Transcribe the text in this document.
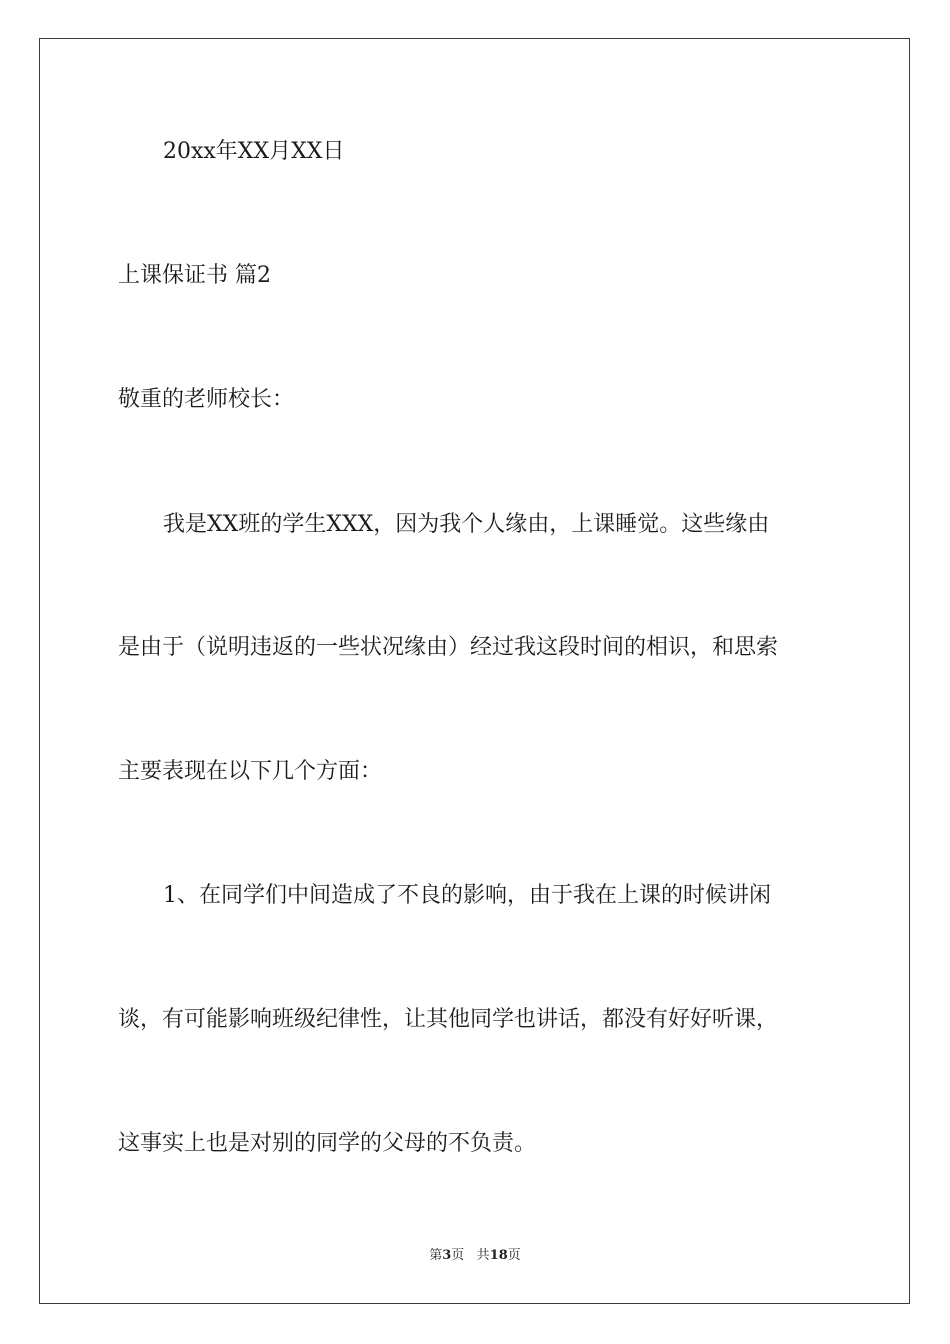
20xx年XX月XX日
上课保证书 篇2
敬重的老师校长：
我是XX班的学生XXX，因为我个人缘由，上课睡觉。这些缘由
是由于（说明违返的一些状况缘由）经过我这段时间的相识，和思索
主要表现在以下几个方面：
1、在同学们中间造成了不良的影响，由于我在上课的时候讲闲
谈，有可能影响班级纪律性，让其他同学也讲话，都没有好好听课，
这事实上也是对别的同学的父母的不负责。
第3页 共18页
